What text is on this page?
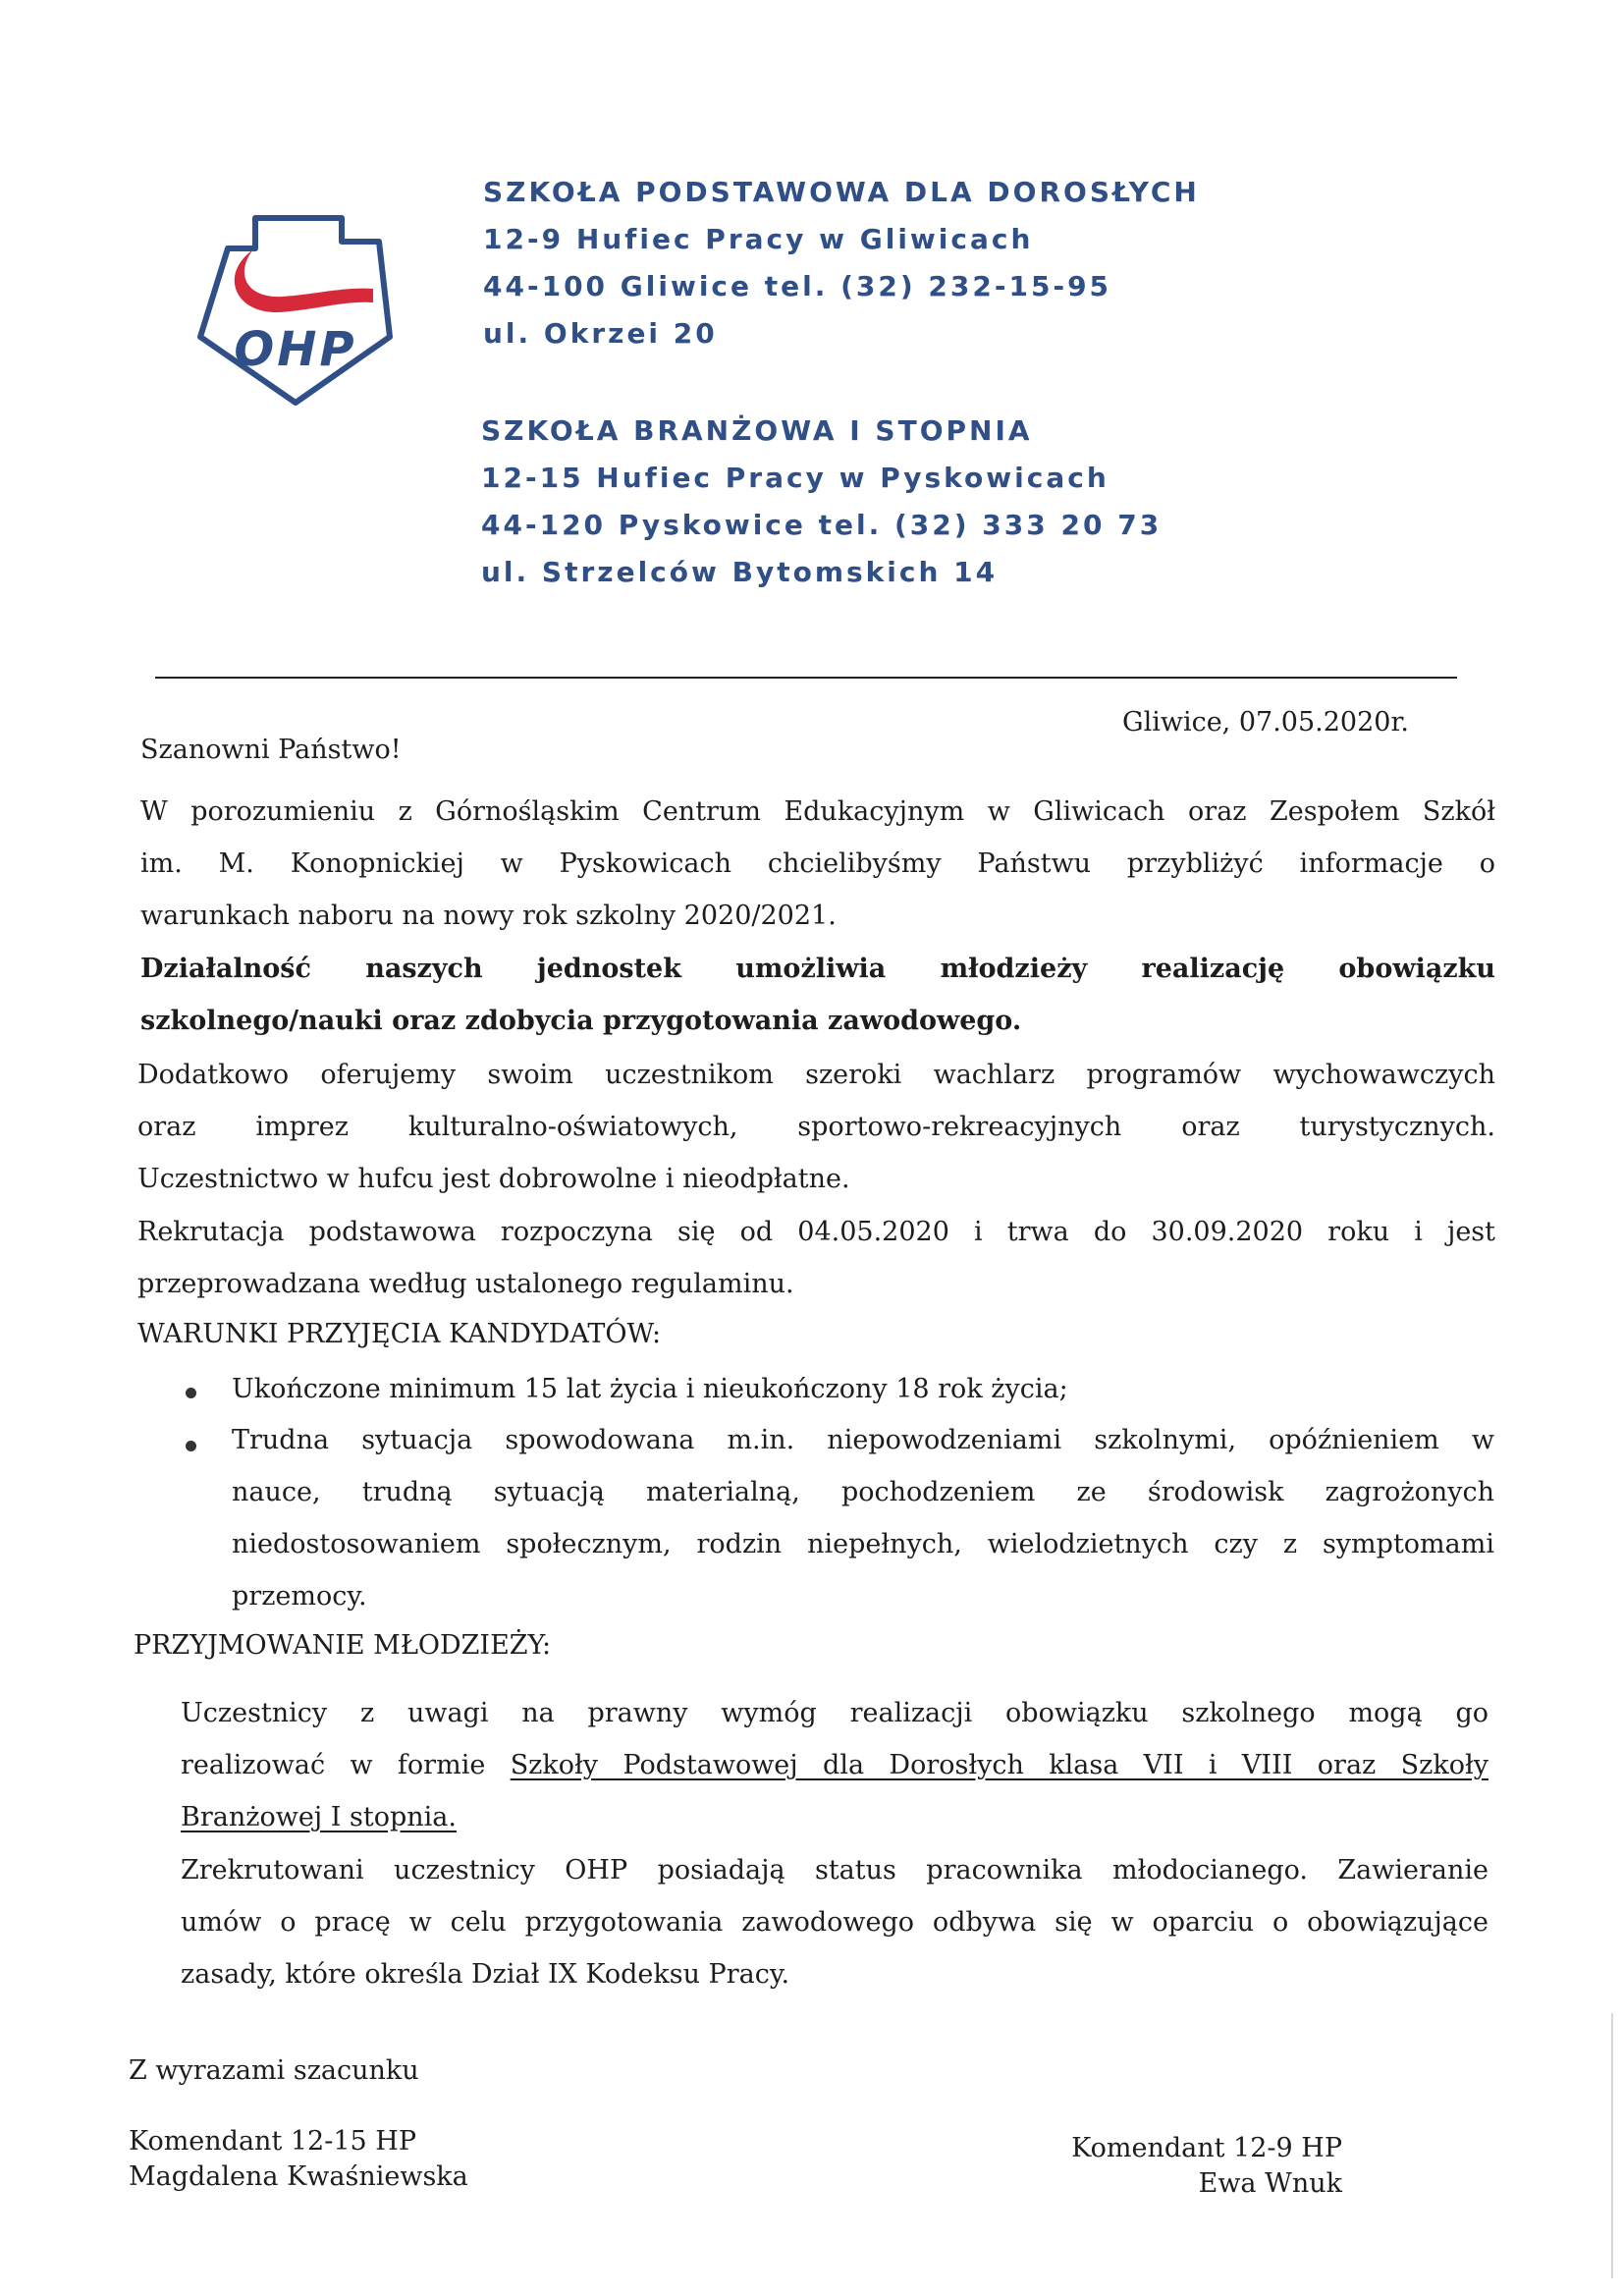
OHP
SZKOŁA PODSTAWOWA DLA DOROSŁYCH
12-9 Hufiec Pracy w Gliwicach
44-100 Gliwice tel. (32) 232-15-95
ul. Okrzei 20
SZKOŁA BRANŻOWA I STOPNIA
12-15 Hufiec Pracy w Pyskowicach
44-120 Pyskowice tel. (32) 333 20 73
ul. Strzelców Bytomskich 14
Gliwice, 07.05.2020r.
Szanowni Państwo!
W porozumieniu z Górnośląskim Centrum Edukacyjnym w Gliwicach oraz Zespołem Szkół
im. M. Konopnickiej w Pyskowicach chcielibyśmy Państwu przybliżyć informacje o
warunkach naboru na nowy rok szkolny 2020/2021.
Działalność naszych jednostek umożliwia młodzieży realizację obowiązku
szkolnego/nauki oraz zdobycia przygotowania zawodowego.
Dodatkowo oferujemy swoim uczestnikom szeroki wachlarz programów wychowawczych
oraz imprez kulturalno-oświatowych, sportowo-rekreacyjnych oraz turystycznych.
Uczestnictwo w hufcu jest dobrowolne i nieodpłatne.
Rekrutacja podstawowa rozpoczyna się od 04.05.2020 i trwa do 30.09.2020 roku i jest
przeprowadzana według ustalonego regulaminu.
WARUNKI PRZYJĘCIA KANDYDATÓW:
Ukończone minimum 15 lat życia i nieukończony 18 rok życia;
Trudna sytuacja spowodowana m.in. niepowodzeniami szkolnymi, opóźnieniem w
nauce, trudną sytuacją materialną, pochodzeniem ze środowisk zagrożonych
niedostosowaniem społecznym, rodzin niepełnych, wielodzietnych czy z symptomami
przemocy.
PRZYJMOWANIE MŁODZIEŻY:
Uczestnicy z uwagi na prawny wymóg realizacji obowiązku szkolnego mogą go
realizować w formie Szkoły Podstawowej dla Dorosłych klasa VII i VIII oraz Szkoły
Branżowej I stopnia.
Zrekrutowani uczestnicy OHP posiadają status pracownika młodocianego. Zawieranie
umów o pracę w celu przygotowania zawodowego odbywa się w oparciu o obowiązujące
zasady, które określa Dział IX Kodeksu Pracy.
Z wyrazami szacunku
Komendant 12-15 HP
Magdalena Kwaśniewska
Komendant 12-9 HP
Ewa Wnuk
